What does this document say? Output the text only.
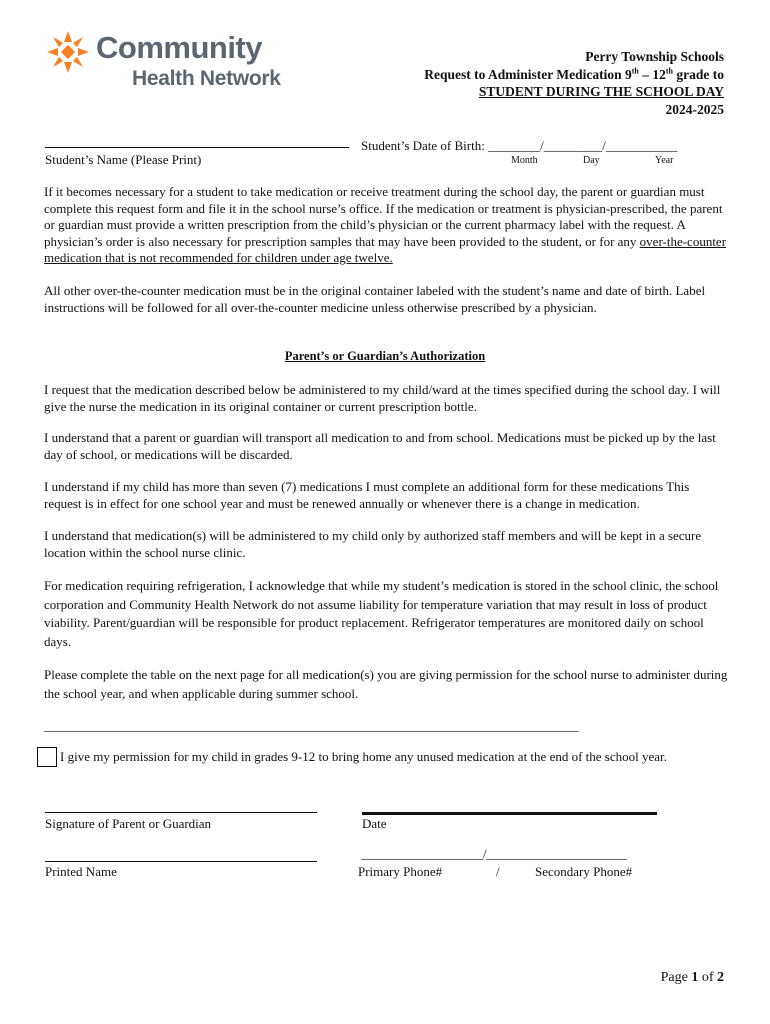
Community
Health Network
Perry Township Schools
Request to Administer Medication 9th – 12th grade to
STUDENT DURING THE SCHOOL DAY
2024-2025
Student’s Name (Please Print)
Student’s Date of Birth: ________/_________/___________
Month	Day	Year
If it becomes necessary for a student to take medication or receive treatment during the school day, the parent or guardian must complete this request form and file it in the school nurse’s office. If the medication or treatment is physician-prescribed, the parent or guardian must provide a written prescription from the child’s physician or the current pharmacy label with the request. A physician’s order is also necessary for prescription samples that may have been provided to the student, or for any over-the-counter medication that is not recommended for children under age twelve.
All other over-the-counter medication must be in the original container labeled with the student’s name and date of birth. Label instructions will be followed for all over-the-counter medicine unless otherwise prescribed by a physician.
Parent’s or Guardian’s Authorization
I request that the medication described below be administered to my child/ward at the times specified during the school day. I will give the nurse the medication in its original container or current prescription bottle.
I understand that a parent or guardian will transport all medication to and from school. Medications must be picked up by the last day of school, or medications will be discarded.
I understand if my child has more than seven (7) medications I must complete an additional form for these medications This request is in effect for one school year and must be renewed annually or whenever there is a change in medication.
I understand that medication(s) will be administered to my child only by authorized staff members and will be kept in a secure location within the school nurse clinic.
For medication requiring refrigeration, I acknowledge that while my student’s medication is stored in the school clinic, the school corporation and Community Health Network do not assume liability for temperature variation that may result in loss of product viability. Parent/guardian will be responsible for product replacement. Refrigerator temperatures are monitored daily on school days.
Please complete the table on the next page for all medication(s) you are giving permission for the school nurse to administer during the school year, and when applicable during summer school.
_________________________________________________________________________________________
I give my permission for my child in grades 9-12 to bring home any unused medication at the end of the school year.
Signature of Parent or Guardian	Date
Printed Name
____________________/_______________________
Primary Phone#	/	Secondary Phone#
Page 1 of 2
